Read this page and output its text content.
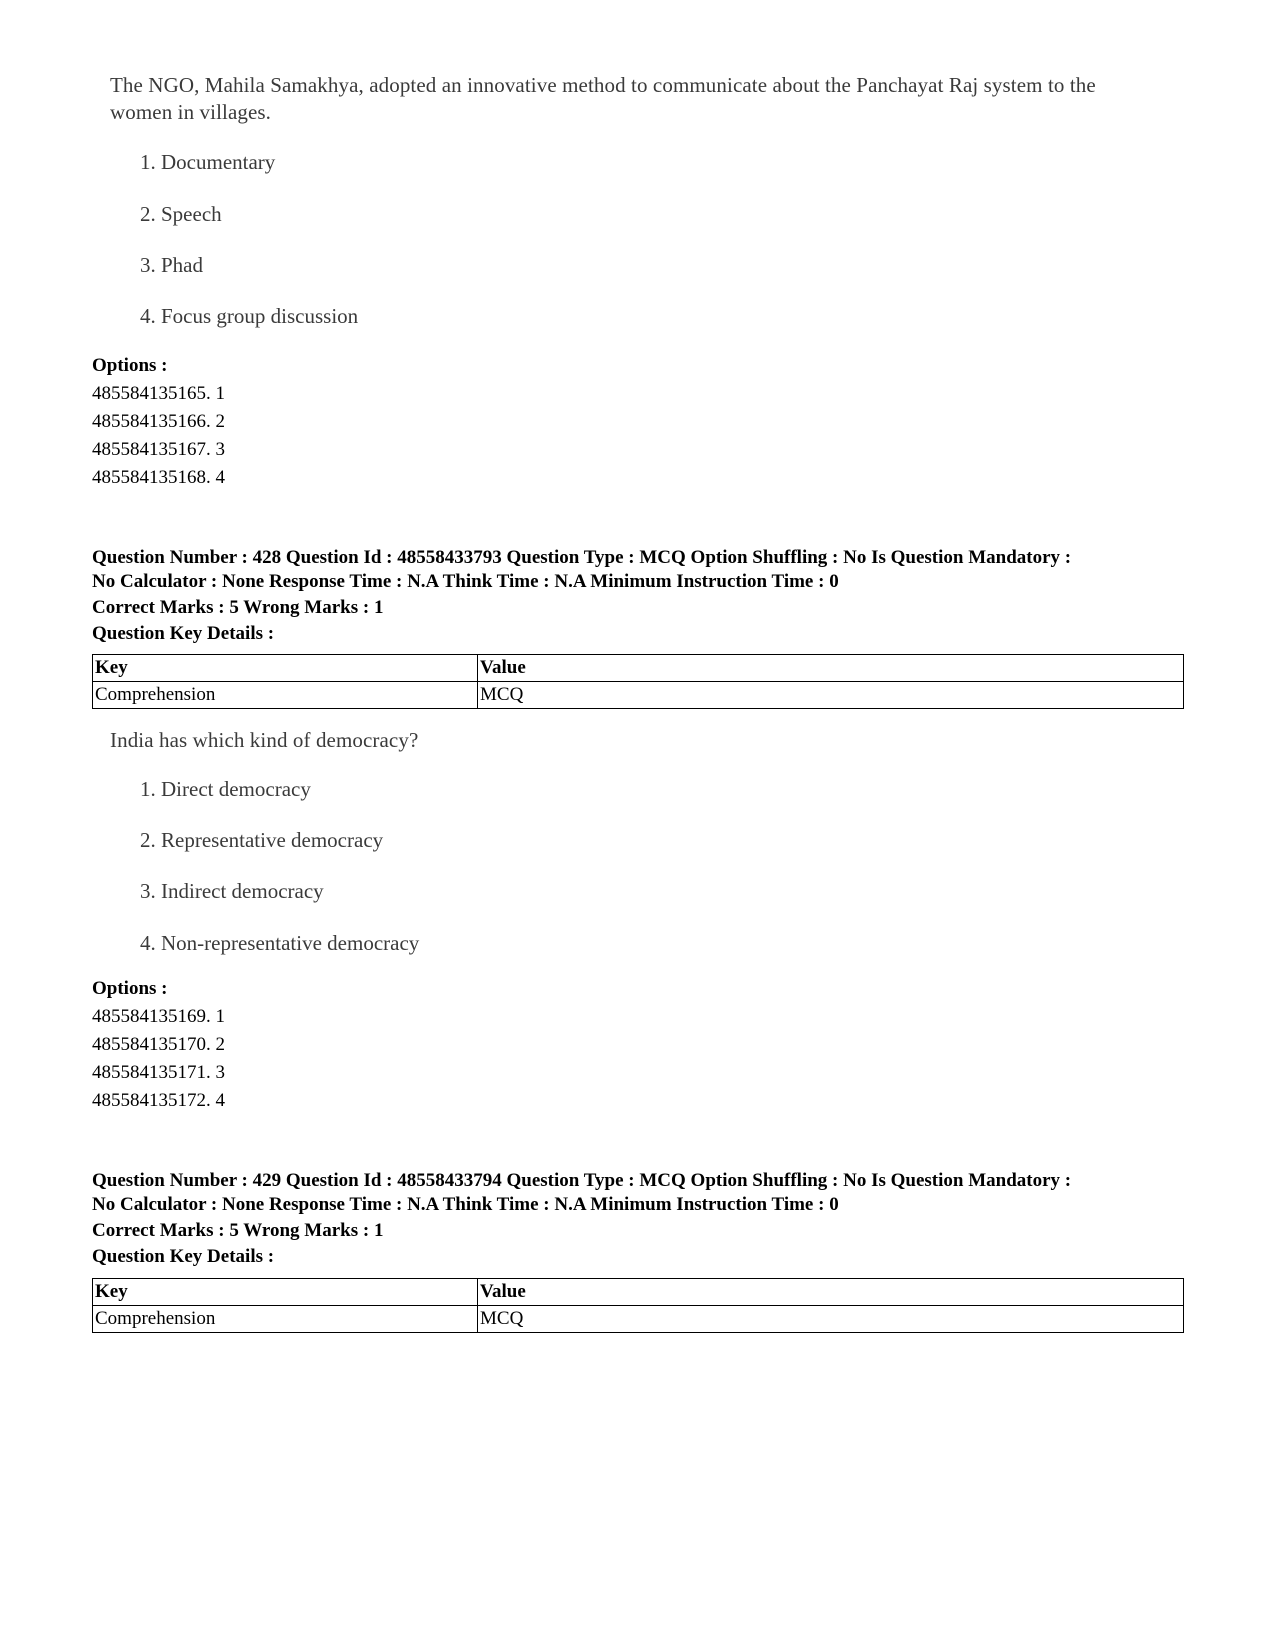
The NGO, Mahila Samakhya, adopted an innovative method to communicate about the Panchayat Raj system to the women in villages.

1. Documentary
2. Speech
3. Phad
4. Focus group discussion

Options :

485584135165. 1

485584135166. 2

485584135167. 3

485584135168. 4

Question Number : 428 Question Id : 48558433793 Question Type : MCQ Option Shuffling : No Is Question Mandatory :

No Calculator : None Response Time : N.A Think Time : N.A Minimum Instruction Time : 0

Correct Marks : 5 Wrong Marks : 1

Question Key Details :

Key	Value
Comprehension	MCQ

India has which kind of democracy?

1. Direct democracy
2. Representative democracy
3. Indirect democracy
4. Non-representative democracy

Options :

485584135169. 1

485584135170. 2

485584135171. 3

485584135172. 4

Question Number : 429 Question Id : 48558433794 Question Type : MCQ Option Shuffling : No Is Question Mandatory :

No Calculator : None Response Time : N.A Think Time : N.A Minimum Instruction Time : 0

Correct Marks : 5 Wrong Marks : 1

Question Key Details :

Key	Value
Comprehension	MCQ
